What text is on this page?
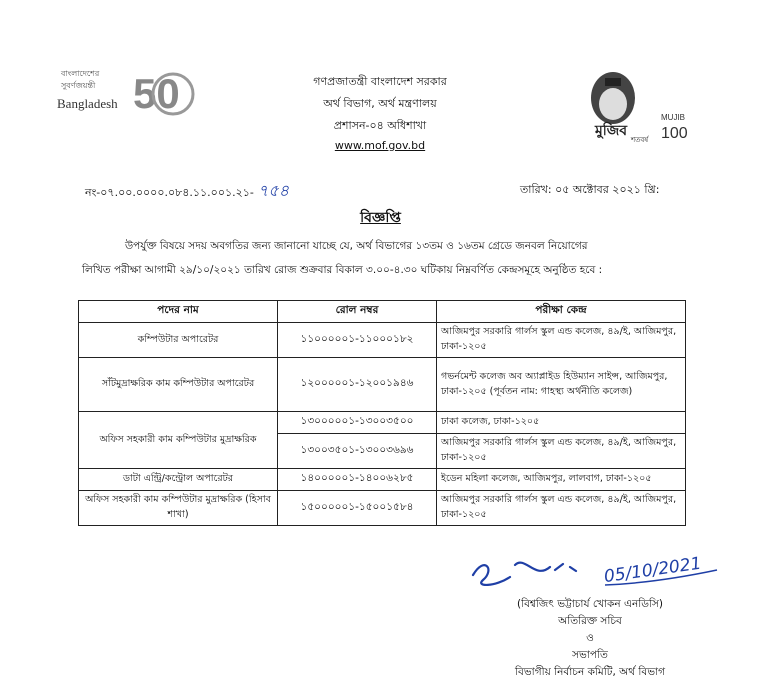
বাংলাদেশের
সুবর্ণজয়ন্তী
Bangladesh 50	গণপ্রজাতন্ত্রী বাংলাদেশ সরকার
অর্থ বিভাগ, অর্থ মন্ত্রণালয়
প্রশাসন-০৪ অধিশাখা
www.mof.gov.bd
মুজিব
শতবর্ষ
MUJIB
100
নং-০৭.০০.০০০০.০৮৪.১১.০০১.২১- ৭৫৪	তারিখ: ০৫ অক্টোবর ২০২১ খ্রি:
বিজ্ঞপ্তি
উপর্যুক্ত বিষয়ে সদয় অবগতির জন্য জানানো যাচ্ছে যে, অর্থ বিভাগের ১৩তম ও ১৬তম গ্রেডে জনবল নিয়োগের
লিখিত পরীক্ষা আগামী ২৯/১০/২০২১ তারিখ রোজ শুক্রবার বিকাল ৩.০০-৪.৩০ ঘটিকায় নিম্নবর্ণিত কেন্দ্রসমূহে অনুষ্ঠিত হবে :
পদের নাম	রোল নম্বর	পরীক্ষা কেন্দ্র
কম্পিউটার অপারেটর	১১০০০০০১-১১০০০১৮২	আজিমপুর সরকারি গার্লস স্কুল এন্ড কলেজ, ৪৯/ই, আজিমপুর, ঢাকা-১২০৫
সাঁটমুদ্রাক্ষরিক কাম কম্পিউটার অপারেটর	১২০০০০০১-১২০০১৯৪৬	গভর্নমেন্ট কলেজ অব অ্যাপ্লাইড হিউম্যান সাইন্স, আজিমপুর, ঢাকা-১২০৫ (পূর্বতন নাম: গাহস্থ্য অর্থনীতি কলেজ)
অফিস সহকারী কাম কম্পিউটার মুদ্রাক্ষরিক	১৩০০০০০১-১৩০০৩৫০০	ঢাকা কলেজ, ঢাকা-১২০৫
	১৩০০৩৫০১-১৩০০৩৬৯৬	আজিমপুর সরকারি গার্লস স্কুল এন্ড কলেজ, ৪৯/ই, আজিমপুর, ঢাকা-১২০৫
ডাটা এন্ট্রি/কন্ট্রোল অপারেটর	১৪০০০০০১-১৪০০৬২৮৫	ইডেন মহিলা কলেজ, আজিমপুর, লালবাগ, ঢাকা-১২০৫
অফিস সহকারী কাম কম্পিউটার মুদ্রাক্ষরিক (হিসাব শাখা)	১৫০০০০০১-১৫০০১৫৮৪	আজিমপুর সরকারি গার্লস স্কুল এন্ড কলেজ, ৪৯/ই, আজিমপুর, ঢাকা-১২০৫
05/10/2021
(বিশ্বজিৎ ভট্টাচার্য খোকন এনডিসি)
অতিরিক্ত সচিব
ও
সভাপতি
বিভাগীয় নির্বাচন কমিটি, অর্থ বিভাগ
